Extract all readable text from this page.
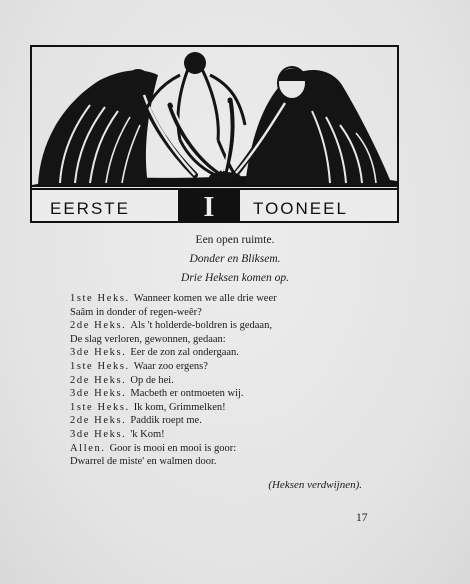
EERSTE	I TOONEEL
Een open ruimte.
Donder en Bliksem.
Drie Heksen komen op.
1ste Heks. Wanneer komen we alle drie weer
Saâm in donder of regen-weêr?
2de Heks. Als 't holderde-boldren is gedaan,
De slag verloren, gewonnen, gedaan:
3de Heks. Eer de zon zal ondergaan.
1ste Heks. Waar zoo ergens?
2de Heks. Op de hei.
3de Heks. Macbeth er ontmoeten wij.
1ste Heks. Ik kom, Grimmelken!
2de Heks. Paddik roept me.
3de Heks. 'k Kom!
Allen. Goor is mooi en mooi is goor:
Dwarrel de miste' en walmen door.
(Heksen verdwijnen).
17
